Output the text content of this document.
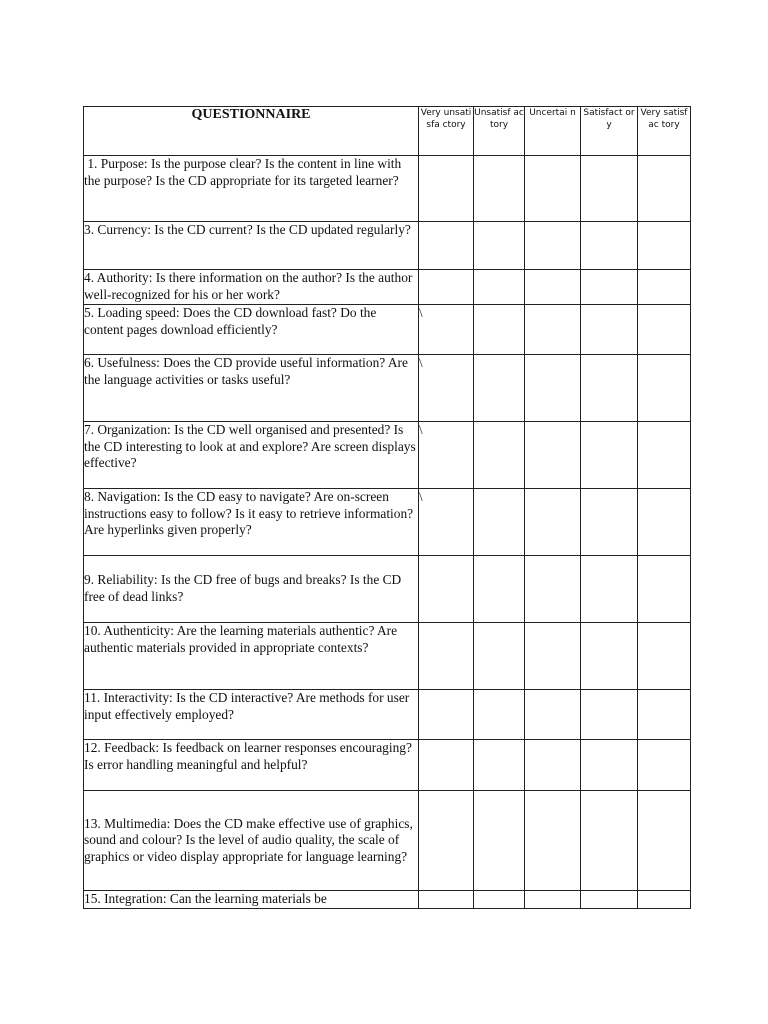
QUESTIONNAIRE	Very unsatisfa ctory	Unsatisf actory	Uncertai n	Satisfact ory	Very satisfac tory

1. Purpose: Is the purpose clear? Is the content in line with the purpose? Is the CD appropriate for its targeted learner?					

3. Currency: Is the CD current? Is the CD updated regularly?					

4. Authority: Is there information on the author? Is the author well-recognized for his or her work?					

5. Loading speed: Does the CD download fast? Do the content pages download efficiently?	\				

6. Usefulness: Does the CD provide useful information? Are the language activities or tasks useful?	\				

7. Organization: Is the CD well organised and presented? Is the CD interesting to look at and explore? Are screen displays effective?	\				

8. Navigation: Is the CD easy to navigate? Are on-screen instructions easy to follow? Is it easy to retrieve information? Are hyperlinks given properly?	\				

9. Reliability: Is the CD free of bugs and breaks? Is the CD free of dead links?					

10. Authenticity: Are the learning materials authentic? Are authentic materials provided in appropriate contexts?					

11. Interactivity: Is the CD interactive? Are methods for user input effectively employed?					

12. Feedback: Is feedback on learner responses encouraging? Is error handling meaningful and helpful?					

13. Multimedia: Does the CD make effective use of graphics, sound and colour? Is the level of audio quality, the scale of graphics or video display appropriate for language learning?					

15. Integration: Can the learning materials be					
